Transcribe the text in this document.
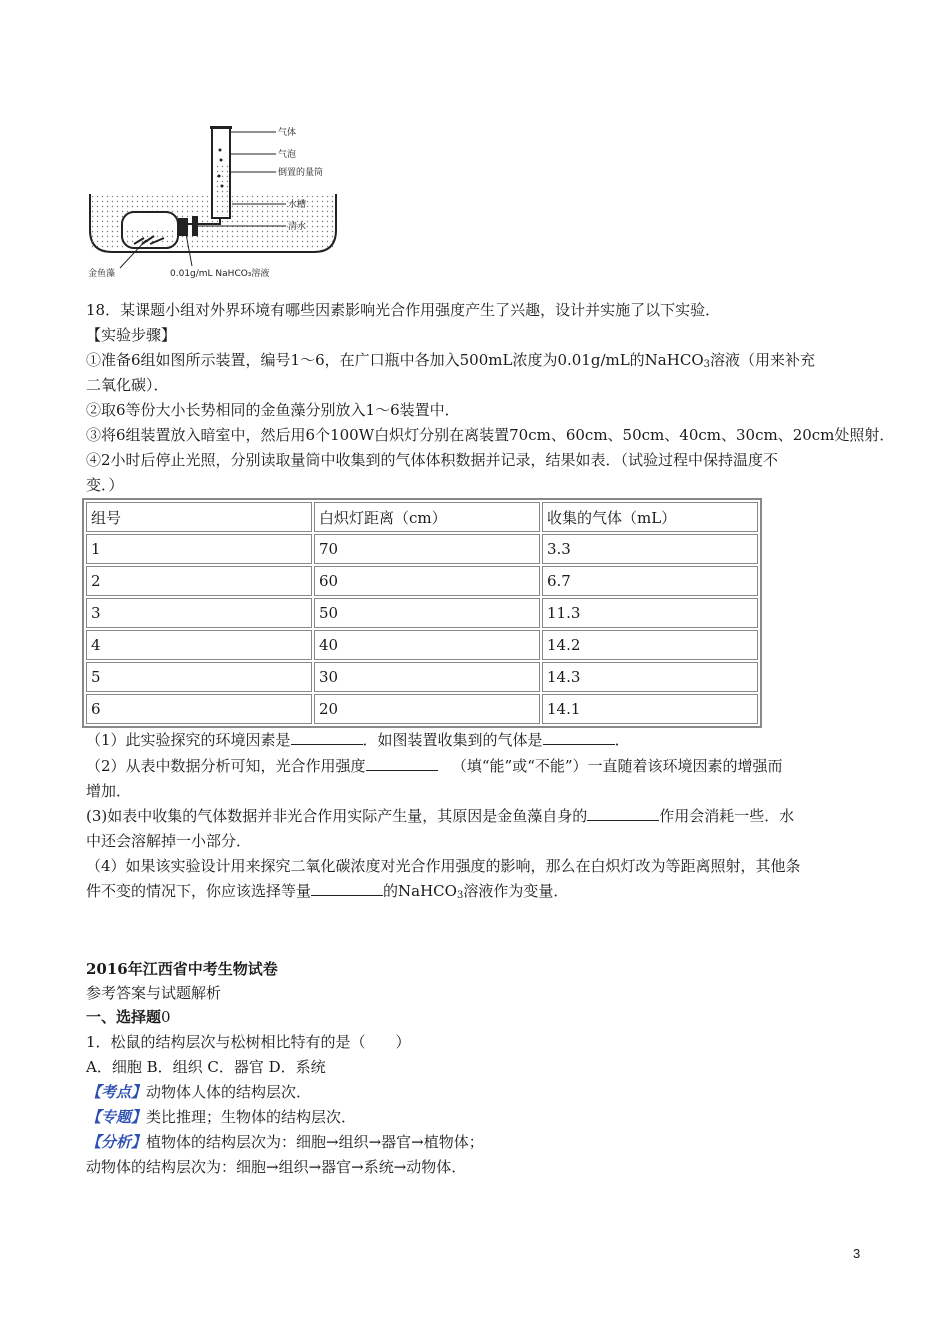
气体
气泡
倒置的量筒
水槽
清水
金鱼藻	0.01g/mL NaHCO₃溶液
18．某课题小组对外界环境有哪些因素影响光合作用强度产生了兴趣，设计并实施了以下实验．
【实验步骤】
①准备6组如图所示装置，编号1～6，在广口瓶中各加入500mL浓度为0.01g/mL的NaHCO$_3$溶液（用来补充
二氧化碳）．
②取6等份大小长势相同的金鱼藻分别放入1～6装置中．
③将6组装置放入暗室中，然后用6个100W白炽灯分别在离装置70cm、60cm、50cm、40cm、30cm、20cm处照射．
④2小时后停止光照，分别读取量筒中收集到的气体体积数据并记录，结果如表．（试验过程中保持温度不
变．）
组号	白炽灯距离（cm）	收集的气体（mL）
1	70	3.3
2	60	6.7
3	50	11.3
4	40	14.2
5	30	14.3
6	20	14.1
（1）此实验探究的环境因素是	．如图装置收集到的气体是	．
（2）从表中数据分析可知，光合作用强度	（填“能”或“不能”）一直随着该环境因素的增强而
增加．
(3)如表中收集的气体数据并非光合作用实际产生量，其原因是金鱼藻自身的	作用会消耗一些．水
中还会溶解掉一小部分．
（4）如果该实验设计用来探究二氧化碳浓度对光合作用强度的影响，那么在白炽灯改为等距离照射，其他条
件不变的情况下，你应该选择等量	的NaHCO$_3$溶液作为变量．
2016年江西省中考生物试卷
参考答案与试题解析
一、选择题0
1．松鼠的结构层次与松树相比特有的是（　　）
A．细胞 B．组织 C．器官 D．系统
【考点】动物体人体的结构层次．
【专题】类比推理；生物体的结构层次．
【分析】植物体的结构层次为：细胞→组织→器官→植物体；
动物体的结构层次为：细胞→组织→器官→系统→动物体．
3
